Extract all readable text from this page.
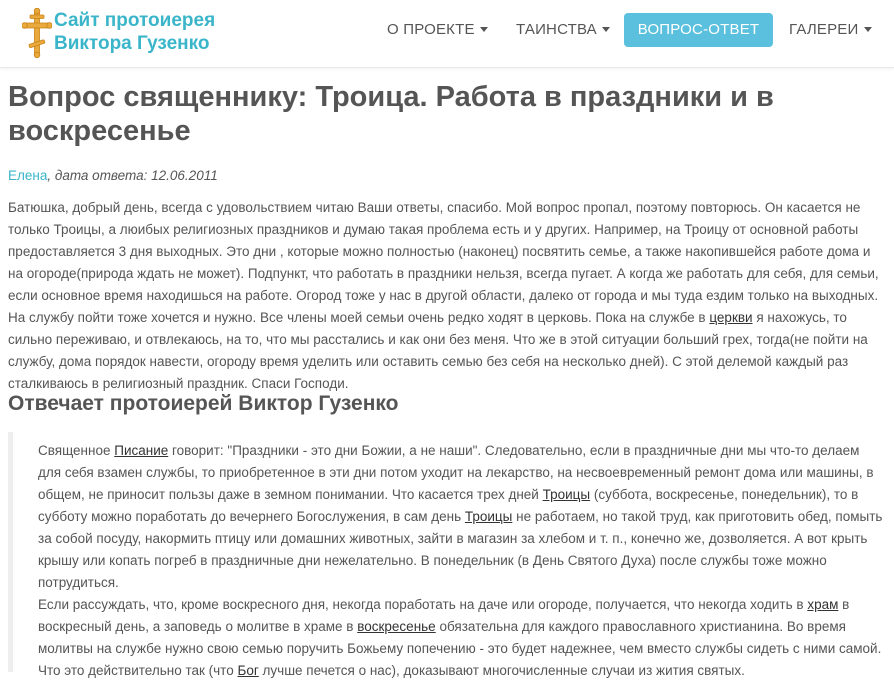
Сайт протоиерея
Виктора Гузенко
О ПРОЕКТЕ	ТАИНСТВА	ВОПРОС-ОТВЕТ	ГАЛЕРЕИ
Вопрос священнику: Троица. Работа в праздники и в воскресенье
Елена, дата ответа: 12.06.2011
Батюшка, добрый день, всегда с удовольствием читаю Ваши ответы, спасибо. Мой вопрос пропал, поэтому повторюсь. Он касается не только Троицы, а люибых религиозных праздников и думаю такая проблема есть и у других. Например, на Троицу от основной работы предоставляется 3 дня выходных. Это дни , которые можно полностью (наконец) посвятить семье, а также накопившейся работе дома и на огороде(природа ждать не может). Подпункт, что работать в праздники нельзя, всегда пугает. А когда же работать для себя, для семьи, если основное время находишься на работе. Огород тоже у нас в другой области, далеко от города и мы туда ездим только на выходных. На службу пойти тоже хочется и нужно. Все члены моей семьи очень редко ходят в церковь. Пока на службе в церкви я нахожусь, то сильно переживаю, и отвлекаюсь, на то, что мы расстались и как они без меня. Что же в этой ситуации больший грех, тогда(не пойти на службу, дома порядок навести, огороду время уделить или оставить семью без себя на несколько дней). С этой делемой каждый раз сталкиваюсь в религиозный праздник. Спаси Господи.
Отвечает протоиерей Виктор Гузенко

Священное Писание говорит: "Праздники - это дни Божии, а не наши". Следовательно, если в праздничные дни мы что-то делаем для себя взамен службы, то приобретенное в эти дни потом уходит на лекарство, на несвоевременный ремонт дома или машины, в общем, не приносит пользы даже в земном понимании. Что касается трех дней Троицы (суббота, воскресенье, понедельник), то в субботу можно поработать до вечернего Богослужения, в сам день Троицы не работаем, но такой труд, как приготовить обед, помыть за собой посуду, накормить птицу или домашних животных, зайти в магазин за хлебом и т. п., конечно же, дозволяется. А вот крыть крышу или копать погреб в праздничные дни нежелательно. В понедельник (в День Святого Духа) после службы тоже можно потрудиться.

Если рассуждать, что, кроме воскресного дня, некогда поработать на даче или огороде, получается, что некогда ходить в храм в воскресный день, а заповедь о молитве в храме в воскресенье обязательна для каждого православного христианина. Во время молитвы на службе нужно свою семью поручить Божьему попечению - это будет надежнее, чем вместо службы сидеть с ними самой. Что это действительно так (что Бог лучше печется о нас), доказывают многочисленные случаи из жития святых.
